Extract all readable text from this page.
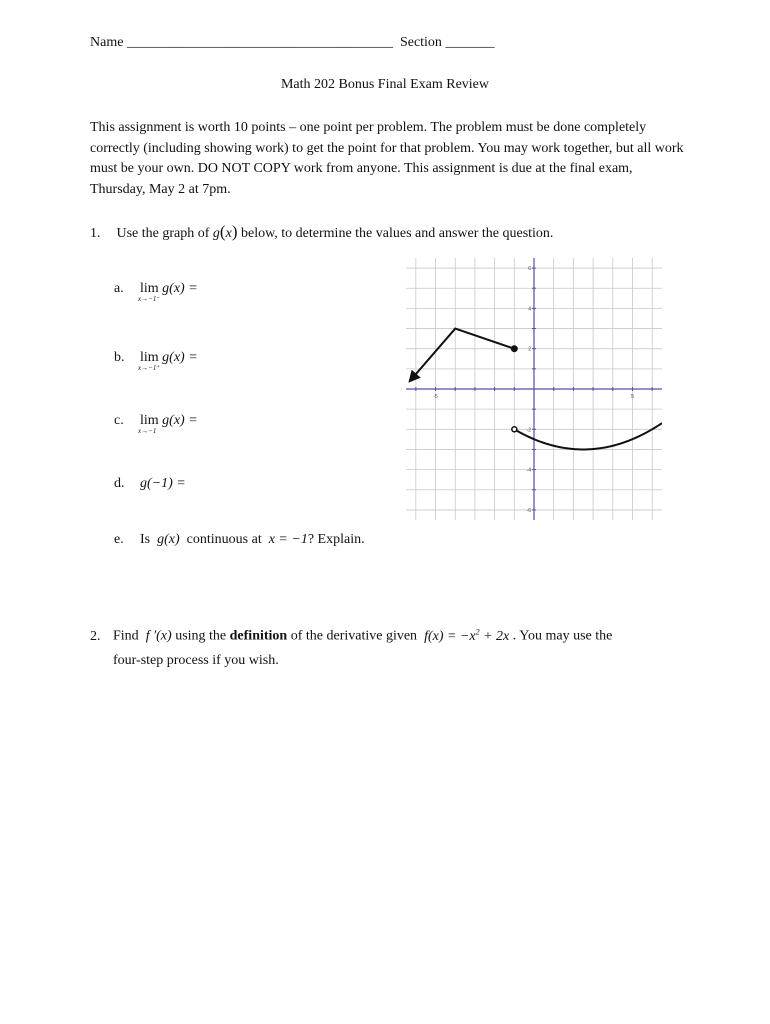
Name ______________________________________ Section _______
Math 202 Bonus Final Exam Review
This assignment is worth 10 points – one point per problem. The problem must be done completely correctly (including showing work) to get the point for that problem. You may work together, but all work must be your own. DO NOT COPY work from anyone. This assignment is due at the final exam, Thursday, May 2 at 7pm.
1. Use the graph of g(x) below, to determine the values and answer the question.
a. lim
x→−1⁻
g(x) =
b. lim
x→−1⁺
g(x) =
c. lim
x→−1
g(x) =
d. g(−1) =
e. Is g(x) continuous at x = −1? Explain.
-5	5
6
4
2
-2
-4
-6
2. Find f ′(x) using the definition of the derivative given $f(x) = -x^2 + 2x$ . You may use the
four-step process if you wish.
